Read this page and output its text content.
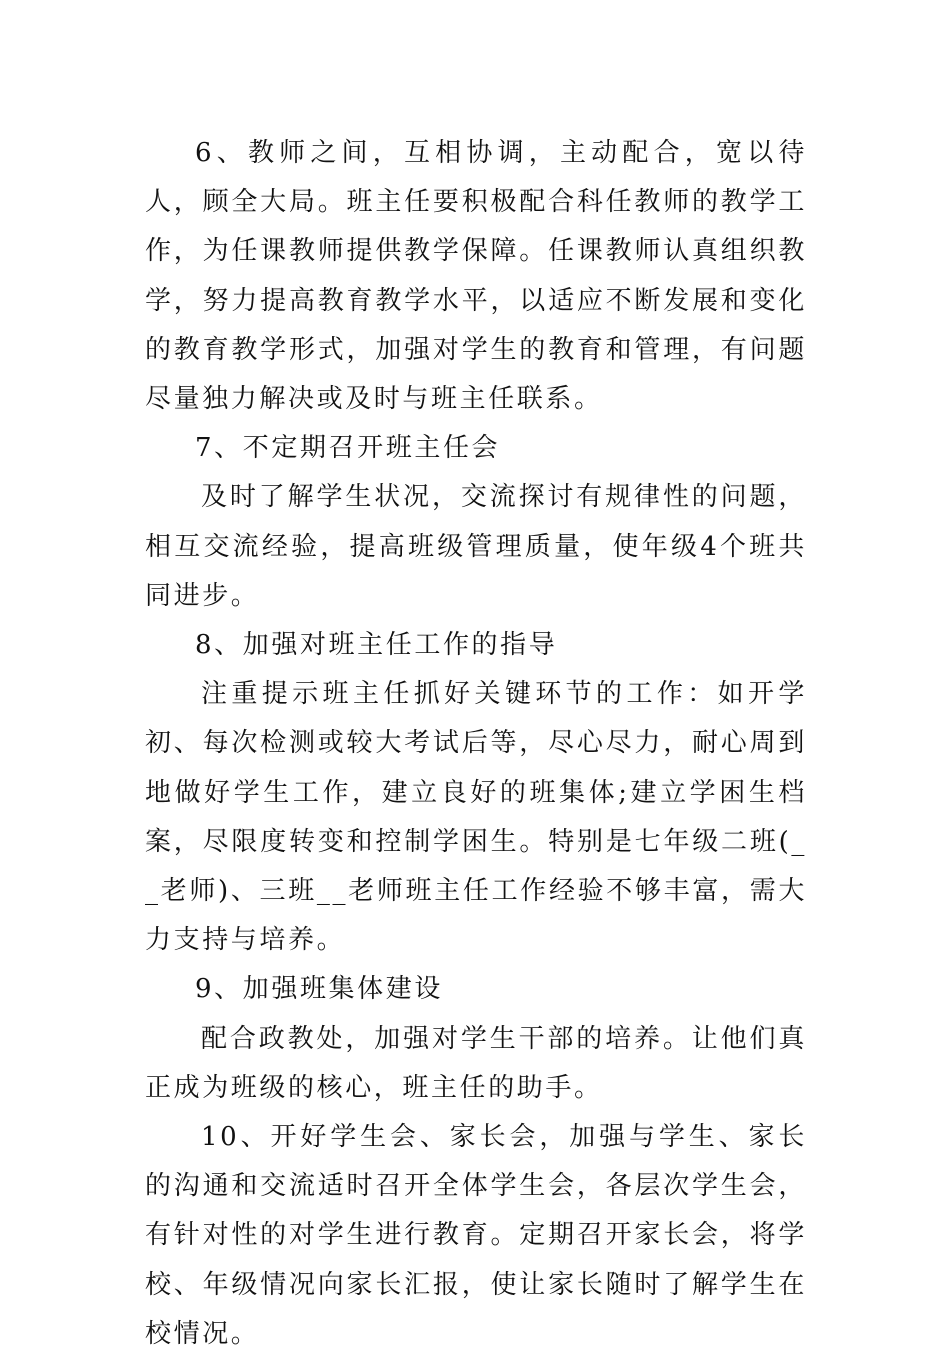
6、教师之间，互相协调，主动配合，宽以待人，顾全大局。班主任要积极配合科任教师的教学工作，为任课教师提供教学保障。任课教师认真组织教学，努力提高教育教学水平，以适应不断发展和变化的教育教学形式，加强对学生的教育和管理，有问题尽量独力解决或及时与班主任联系。

7、不定期召开班主任会

及时了解学生状况，交流探讨有规律性的问题，相互交流经验，提高班级管理质量，使年级4个班共同进步。

8、加强对班主任工作的指导

注重提示班主任抓好关键环节的工作：如开学初、每次检测或较大考试后等，尽心尽力，耐心周到地做好学生工作，建立良好的班集体;建立学困生档案，尽限度转变和控制学困生。特别是七年级二班(__老师)、三班__老师班主任工作经验不够丰富，需大力支持与培养。

9、加强班集体建设

配合政教处，加强对学生干部的培养。让他们真正成为班级的核心，班主任的助手。

10、开好学生会、家长会，加强与学生、家长的沟通和交流适时召开全体学生会，各层次学生会，有针对性的对学生进行教育。定期召开家长会，将学校、年级情况向家长汇报，使让家长随时了解学生在校情况。
